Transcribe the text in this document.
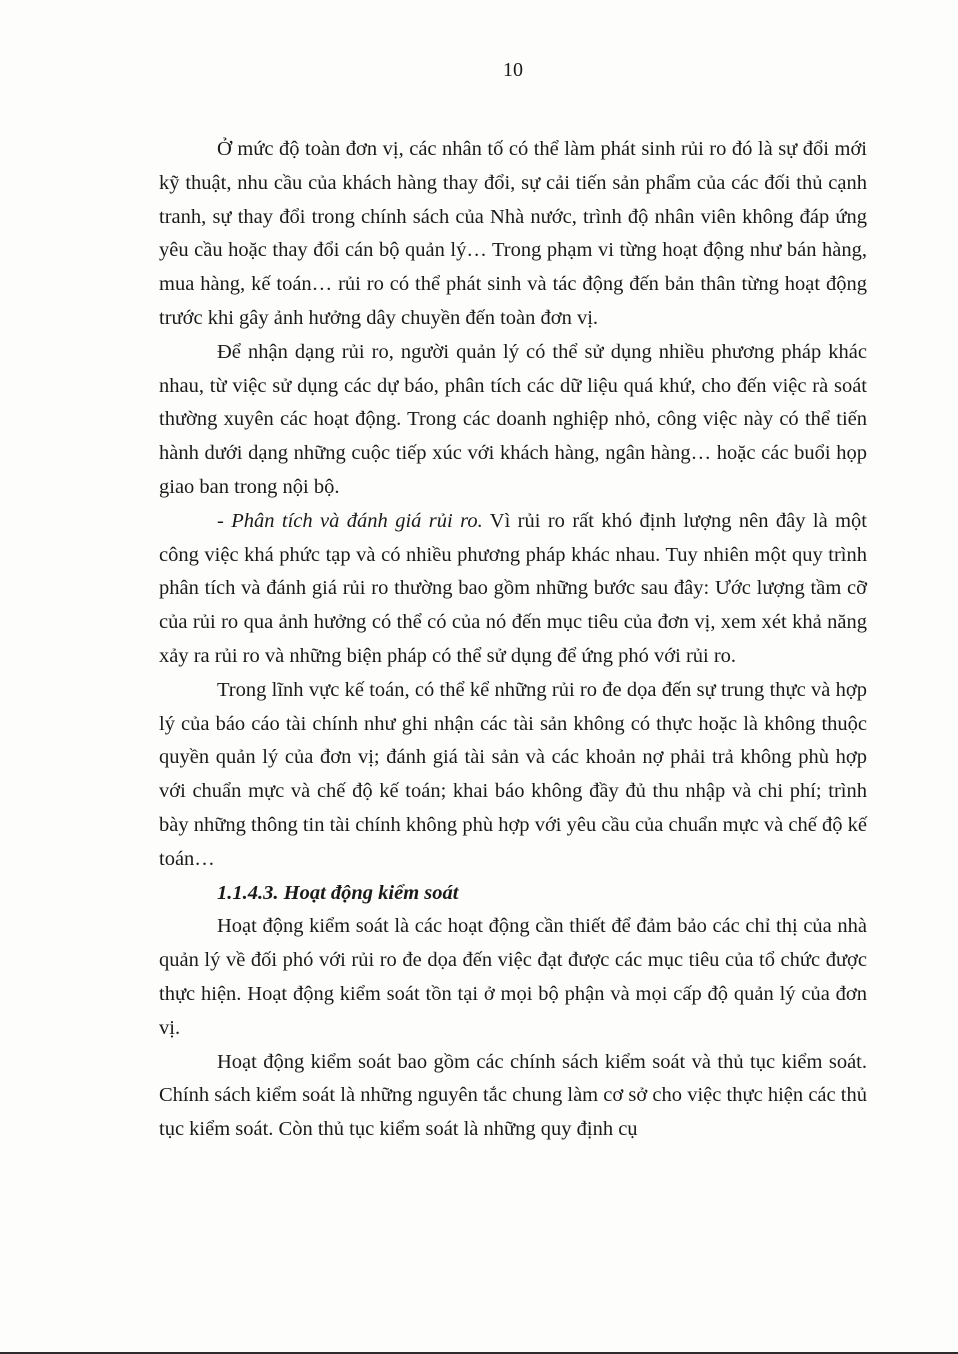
10

Ở mức độ toàn đơn vị, các nhân tố có thể làm phát sinh rủi ro đó là sự đổi mới kỹ thuật, nhu cầu của khách hàng thay đổi, sự cải tiến sản phẩm của các đối thủ cạnh tranh, sự thay đổi trong chính sách của Nhà nước, trình độ nhân viên không đáp ứng yêu cầu hoặc thay đổi cán bộ quản lý… Trong phạm vi từng hoạt động như bán hàng, mua hàng, kế toán… rủi ro có thể phát sinh và tác động đến bản thân từng hoạt động trước khi gây ảnh hưởng dây chuyền đến toàn đơn vị.

Để nhận dạng rủi ro, người quản lý có thể sử dụng nhiều phương pháp khác nhau, từ việc sử dụng các dự báo, phân tích các dữ liệu quá khứ, cho đến việc rà soát thường xuyên các hoạt động. Trong các doanh nghiệp nhỏ, công việc này có thể tiến hành dưới dạng những cuộc tiếp xúc với khách hàng, ngân hàng… hoặc các buổi họp giao ban trong nội bộ.

- Phân tích và đánh giá rủi ro. Vì rủi ro rất khó định lượng nên đây là một công việc khá phức tạp và có nhiều phương pháp khác nhau. Tuy nhiên một quy trình phân tích và đánh giá rủi ro thường bao gồm những bước sau đây: Ước lượng tầm cỡ của rủi ro qua ảnh hưởng có thể có của nó đến mục tiêu của đơn vị, xem xét khả năng xảy ra rủi ro và những biện pháp có thể sử dụng để ứng phó với rủi ro.

Trong lĩnh vực kế toán, có thể kể những rủi ro đe dọa đến sự trung thực và hợp lý của báo cáo tài chính như ghi nhận các tài sản không có thực hoặc là không thuộc quyền quản lý của đơn vị; đánh giá tài sản và các khoản nợ phải trả không phù hợp với chuẩn mực và chế độ kế toán; khai báo không đầy đủ thu nhập và chi phí; trình bày những thông tin tài chính không phù hợp với yêu cầu của chuẩn mực và chế độ kế toán…

1.1.4.3. Hoạt động kiểm soát

Hoạt động kiểm soát là các hoạt động cần thiết để đảm bảo các chỉ thị của nhà quản lý về đối phó với rủi ro đe dọa đến việc đạt được các mục tiêu của tổ chức được thực hiện. Hoạt động kiểm soát tồn tại ở mọi bộ phận và mọi cấp độ quản lý của đơn vị.

Hoạt động kiểm soát bao gồm các chính sách kiểm soát và thủ tục kiểm soát. Chính sách kiểm soát là những nguyên tắc chung làm cơ sở cho việc thực hiện các thủ tục kiểm soát. Còn thủ tục kiểm soát là những quy định cụ
